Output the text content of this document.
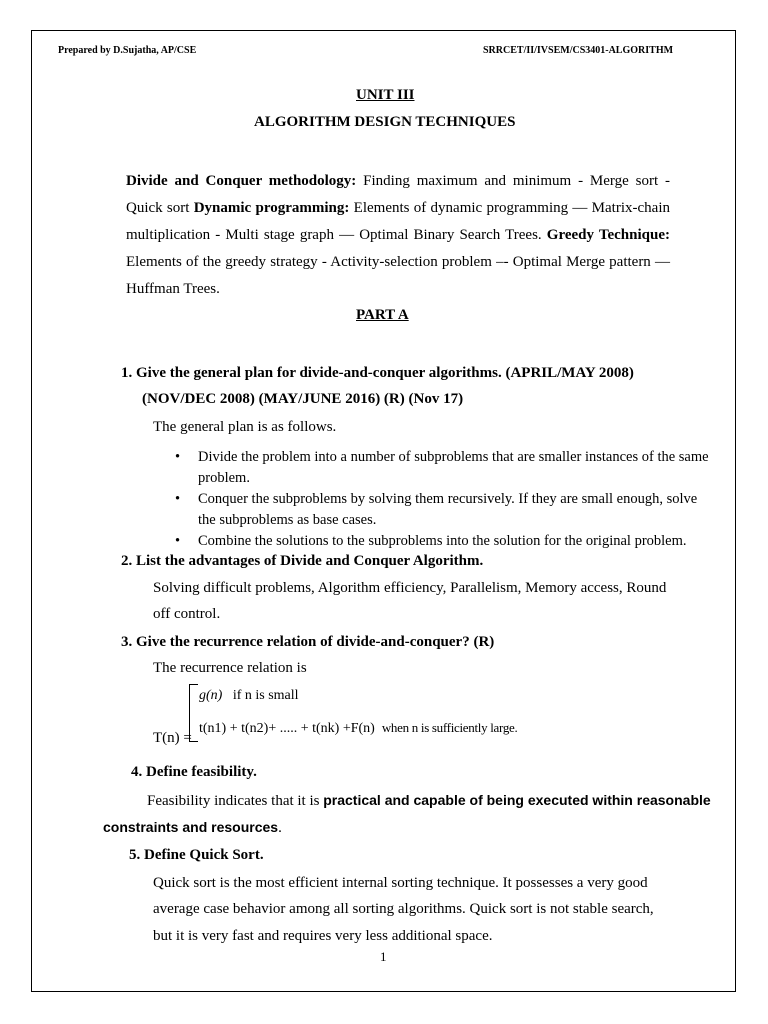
Prepared by D.Sujatha, AP/CSE	SRRCET/II/IVSEM/CS3401-ALGORITHM
UNIT III
ALGORITHM DESIGN TECHNIQUES
Divide and Conquer methodology: Finding maximum and minimum - Merge sort - Quick sort Dynamic programming: Elements of dynamic programming — Matrix-chain multiplication - Multi stage graph — Optimal Binary Search Trees. Greedy Technique: Elements of the greedy strategy - Activity-selection problem –- Optimal Merge pattern — Huffman Trees.
PART A
1. Give the general plan for divide-and-conquer algorithms. (APRIL/MAY 2008)
(NOV/DEC 2008) (MAY/JUNE 2016) (R) (Nov 17)
The general plan is as follows.
• Divide the problem into a number of subproblems that are smaller instances of the same problem.
• Conquer the subproblems by solving them recursively. If they are small enough, solve the subproblems as base cases.
• Combine the solutions to the subproblems into the solution for the original problem.
2. List the advantages of Divide and Conquer Algorithm.
Solving difficult problems, Algorithm efficiency, Parallelism, Memory access, Round
off control.
3. Give the recurrence relation of divide-and-conquer? (R)
The recurrence relation is
g(n) if n is small
T(n) =
t(n1) + t(n2)+ ..... + t(nk) +F(n) when n is sufficiently large.
4. Define feasibility.
Feasibility indicates that it is practical and capable of being executed within reasonable
constraints and resources.
5. Define Quick Sort.
Quick sort is the most efficient internal sorting technique. It possesses a very good
average case behavior among all sorting algorithms. Quick sort is not stable search,
but it is very fast and requires very less additional space.
1
